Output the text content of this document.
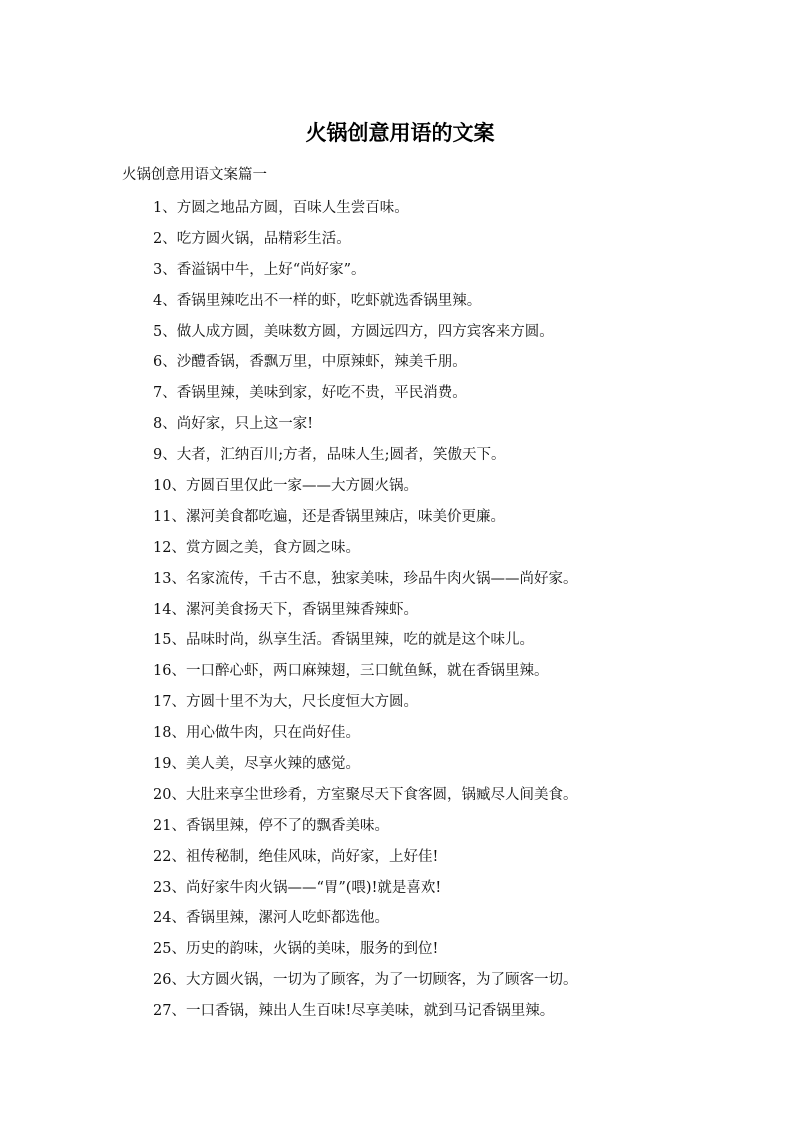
火锅创意用语的文案
火锅创意用语文案篇一
1、方圆之地品方圆，百味人生尝百味。
2、吃方圆火锅，品精彩生活。
3、香溢锅中牛，上好“尚好家”。
4、香锅里辣吃出不一样的虾，吃虾就选香锅里辣。
5、做人成方圆，美味数方圆，方圆远四方，四方宾客来方圆。
6、沙醴香锅，香飘万里，中原辣虾，辣美千朋。
7、香锅里辣，美味到家，好吃不贵，平民消费。
8、尚好家，只上这一家!
9、大者，汇纳百川;方者，品味人生;圆者，笑傲天下。
10、方圆百里仅此一家——大方圆火锅。
11、漯河美食都吃遍，还是香锅里辣店，味美价更廉。
12、赏方圆之美，食方圆之味。
13、名家流传，千古不息，独家美味，珍品牛肉火锅——尚好家。
14、漯河美食扬天下，香锅里辣香辣虾。
15、品味时尚，纵享生活。香锅里辣，吃的就是这个味儿。
16、一口醉心虾，两口麻辣翅，三口鱿鱼稣，就在香锅里辣。
17、方圆十里不为大，尺长度恒大方圆。
18、用心做牛肉，只在尚好佳。
19、美人美，尽享火辣的感觉。
20、大肚来享尘世珍肴，方室聚尽天下食客圆，锅臧尽人间美食。
21、香锅里辣，停不了的飘香美味。
22、祖传秘制，绝佳风味，尚好家，上好佳!
23、尚好家牛肉火锅——“胃”(喂)!就是喜欢!
24、香锅里辣，漯河人吃虾都选他。
25、历史的韵味，火锅的美味，服务的到位!
26、大方圆火锅，一切为了顾客，为了一切顾客，为了顾客一切。
27、一口香锅，辣出人生百味!尽享美味，就到马记香锅里辣。
